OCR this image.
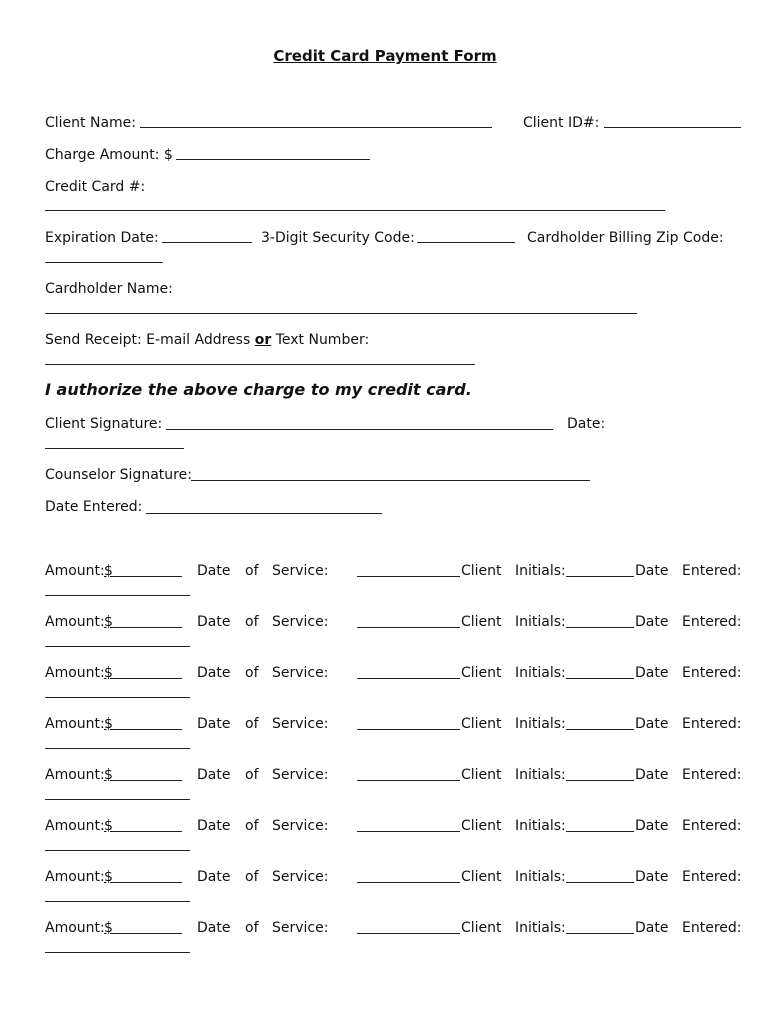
Credit Card Payment Form
Client Name:	Client ID#:
Charge Amount: $
Credit Card #:
Expiration Date:	3-Digit Security Code:	Cardholder Billing Zip Code:
Cardholder Name:
Send Receipt: E-mail Address or Text Number:
I authorize the above charge to my credit card.
Client Signature:	Date:
Counselor Signature:
Date Entered:
Amount: $	Date of Service:	Client Initials:	Date Entered:
Amount: $	Date of Service:	Client Initials:	Date Entered:
Amount: $	Date of Service:	Client Initials:	Date Entered:
Amount: $	Date of Service:	Client Initials:	Date Entered:
Amount: $	Date of Service:	Client Initials:	Date Entered:
Amount: $	Date of Service:	Client Initials:	Date Entered:
Amount: $	Date of Service:	Client Initials:	Date Entered:
Amount: $	Date of Service:	Client Initials:	Date Entered:
